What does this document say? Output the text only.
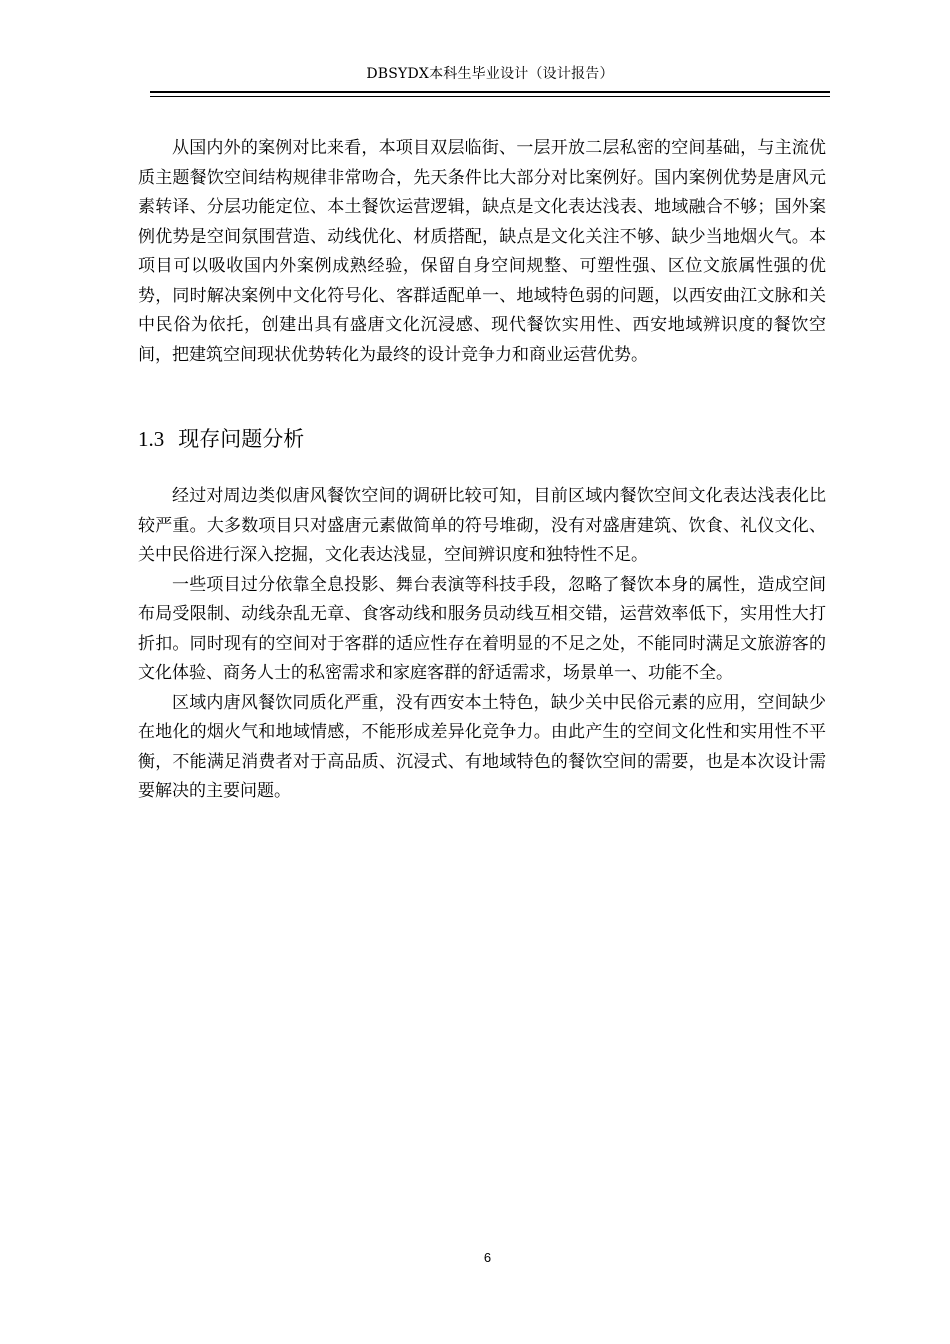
DBSYDX本科生毕业设计（设计报告）

从国内外的案例对比来看，本项目双层临街、一层开放二层私密的空间基础，与主流优质主题餐饮空间结构规律非常吻合，先天条件比大部分对比案例好。国内案例优势是唐风元素转译、分层功能定位、本土餐饮运营逻辑，缺点是文化表达浅表、地域融合不够；国外案例优势是空间氛围营造、动线优化、材质搭配，缺点是文化关注不够、缺少当地烟火气。本项目可以吸收国内外案例成熟经验，保留自身空间规整、可塑性强、区位文旅属性强的优势，同时解决案例中文化符号化、客群适配单一、地域特色弱的问题，以西安曲江文脉和关中民俗为依托，创建出具有盛唐文化沉浸感、现代餐饮实用性、西安地域辨识度的餐饮空间，把建筑空间现状优势转化为最终的设计竞争力和商业运营优势。

1.3 现存问题分析

经过对周边类似唐风餐饮空间的调研比较可知，目前区域内餐饮空间文化表达浅表化比较严重。大多数项目只对盛唐元素做简单的符号堆砌，没有对盛唐建筑、饮食、礼仪文化、关中民俗进行深入挖掘，文化表达浅显，空间辨识度和独特性不足。

一些项目过分依靠全息投影、舞台表演等科技手段，忽略了餐饮本身的属性，造成空间布局受限制、动线杂乱无章、食客动线和服务员动线互相交错，运营效率低下，实用性大打折扣。同时现有的空间对于客群的适应性存在着明显的不足之处，不能同时满足文旅游客的文化体验、商务人士的私密需求和家庭客群的舒适需求，场景单一、功能不全。

区域内唐风餐饮同质化严重，没有西安本土特色，缺少关中民俗元素的应用，空间缺少在地化的烟火气和地域情感，不能形成差异化竞争力。由此产生的空间文化性和实用性不平衡，不能满足消费者对于高品质、沉浸式、有地域特色的餐饮空间的需要，也是本次设计需要解决的主要问题。

6
